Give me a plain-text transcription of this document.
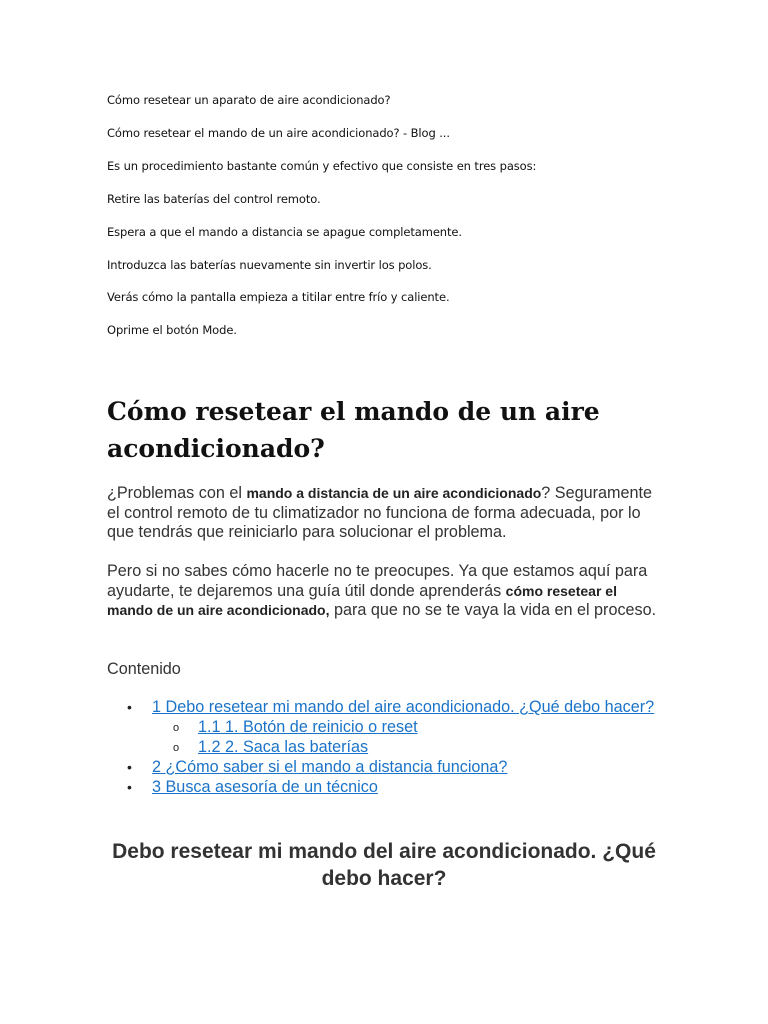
Cómo resetear un aparato de aire acondicionado?

Cómo resetear el mando de un aire acondicionado? - Blog ...

Es un procedimiento bastante común y efectivo que consiste en tres pasos:

Retire las baterías del control remoto.

Espera a que el mando a distancia se apague completamente.

Introduzca las baterías nuevamente sin invertir los polos.

Verás cómo la pantalla empieza a titilar entre frío y caliente.

Oprime el botón Mode.

Cómo resetear el mando de un aire acondicionado?

¿Problemas con el mando a distancia de un aire acondicionado? Seguramente el control remoto de tu climatizador no funciona de forma adecuada, por lo que tendrás que reiniciarlo para solucionar el problema.

Pero si no sabes cómo hacerle no te preocupes. Ya que estamos aquí para ayudarte, te dejaremos una guía útil donde aprenderás cómo resetear el mando de un aire acondicionado, para que no se te vaya la vida en el proceso.

Contenido

• 1 Debo resetear mi mando del aire acondicionado. ¿Qué debo hacer?
o 1.1 1. Botón de reinicio o reset
o 1.2 2. Saca las baterías
• 2 ¿Cómo saber si el mando a distancia funciona?
• 3 Busca asesoría de un técnico
Debo resetear mi mando del aire acondicionado. ¿Qué debo hacer?
